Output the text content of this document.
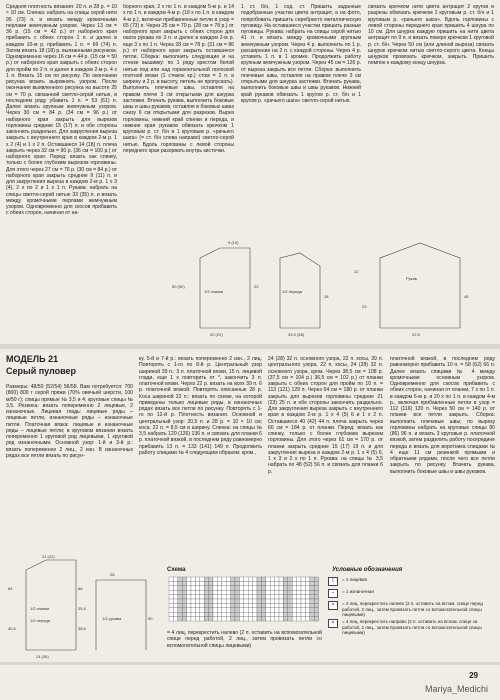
Средняя плотность вязания: 20 п. и 28 р. = 10 × 10 см. Спинка: набрать на спицы серой нити 95 (73) п. и вязать между кромочными перлами жемчужным узором. Через 13 см = 36 р. (15 см = 42 р.) от наборного края прибавить с обеих сторон 1 п. и далее в каждом 10-м р. прибавить 1 п. = 66 (74) п. Затем вязать 18 (18) р. выязанными рисунком. Одновременно через 16 см = 44 р. (15 см = 50 р.) от наборного края закрыть с обеих сторон для пройм по 2 п. и далее в каждом 2-м р. 4 х 1 п. Вязать 15 см по рисунку. По окончании рисунка вязать выровнить узором. После окончания выявленного рисунка на высоте 25 см = 70 р. связанной светло-серой нитью, в последнем ряду убавить 1 п. = 53 (61) п. Далее вязать крупным жемчужным узором. Через 30 см = 84 р. (34 см = 96 р.) от наборного края закрыть для вырезов горловины средние 15 (17) п. и обе стороны закончить раздельно. Для закругления выреза закрыть с внутреннего края в каждом 2-м р. 1 х 2 (4) и 1 х 2 п. Оставшиеся 14 (18) п. плеча закрыть через 32 см = 90 р. (36 см = 100 р.) от наборного края. Перед: вязать как спинку, только с более глубоким вырезом горловины. Для этого через 27 см = 76 р. (30 см = 84 р.) от наборного края закрыть средние 9 (11) п. и для закругления выреза в каждом 2-м р. 1 х 3 (4), 2 х по 2 и 1 х 1 п. Рукава: набрать на спицы светло-серой нитью 33 (35) п. и вязать между кромочными перлами жемчужным узором. Одновременно для скосов прибавить с обеих сторон, начиная от на-

борного края, 2 х по 1 п. в каждом 5-м р. и 14 х по 1 п. в каждом 4-м р. (19 х по 1 п. в каждом 4-м р.), включая прибавленные петли в узор = 65 (73) п. Через 25 см = 70 р. (28 см = 78 р.) от наборного края закрыть с обеих сторон для оката рукава по 3 п. и далее в каждом 2-м р. еще 3 х по 1 п. Через 28 см = 78 р. (31 см = 86 р.) от наборного края закрыть оставшиеся петли. Сборка: выполнить следующие и на стенке вышивку: по 1 ряду крестом белой нитью под или над горизонтальной полоской плотной вязки (1 стежок кр.) стом = 2 п. в ширину и 2 р. в высоту, петель не пропускать). Выполнить плечевые швы, оставляя на правом плече 3 см открытыми для шнурка застежки. Втачать рукава, выполнить боковые швы и швы рукавов, оставляя в боковых швах снизу 6 см открытыми для разрезов. Вырез горловины, нижний край спинки и переда, и нижние края рукавов обвязать крючком 1 круговым р. ст. б/н и 1 круговым р. «рачьего шага» (= ст. б/н слева направо) светло-серой нитью. Вдоль горловины с левой стороны переднего края разорвать внутрь кисточки.

1 ст. б/н, 1 сод. ст. Пришить заданные подобранные участки цвета антрацит, а на фото, попробовать пришить серебристо металлическую пуговицу. На оставшиеся участки пришить разные пуговицы. Рукава: набрать на спицы серой нитью 41 п. и вязать между кромочными крупным жемчужным узором. Через 4 р. выполнить по 1 р. расширение на 2 п. с каждой стороны. Через 4 р. уставить 1 п. в 1 кромке. Продолжить работу крупным жемчужным узором. Через 45 см = 126 р. от выреза закрыть все петли. Сборка: выполнить плечевые швы, оставляя на правом плече 3 см открытыми для шнурка застежки. Втачать рукава, выполнить боковые швы и швы рукавов. Нижний край рукавов обвязать 1 кругом р. ст. б/н и 1 кругом р. «рачьего шага» светло-серой нитью.

связать крючком нити цвета антрацит 2 кругов и разрезы обвязать крючком 1 круговым р. ст. б/н и 1 круговым р. «рачьего шага». Вдоль горловины с левой стороны переднего края пришить 4 шнура по 10 см. Для шнурка каждую пришить на нити цвета антрацит по 9 п. и вязать поверх крючком 1 круговой р. ст. б/н. Через 50 см (или длиной выреза) связать шнурок крючком нитью светло-серого цвета. Концы шнурков провязать крючком, закрыть. Пришить помпон к каждому концу шнурка.

1/2 спинки	1/2 переда
Рукав
20 (22)
9 (10)
50 (52)	22
28
12
23
33,5 (38)
45
22,5

МОДЕЛЬ 21

Серый пуловер

Размеры: 48/50 (52/54) 56/58. Вам потребуется: 700 (800) 800 г серой пряжи (70% овечьей шерсти, 100 м/50 г); спицы прямые № 3,5 и 4; круговые спицы № 3,5. Резинка: вязать попеременно 2 лицевые, 2 изнаночные. Лицевая гладь: лицевые ряды – лицевые петли, изнаночные ряды – изнаночные петли. Платочная вязка: лицевые и изнаночные ряды – лицевые петли; в круговом вязании вязать попеременно 1 круговой ряд лицевыми, 1 круговой ряд изнаночными. Основной узор: 1-й и 3-й р.: вязать попеременно 2 лиц., 2 изн. В изнаночных рядах все петли вязать по рисун-

ку. 5-й и 7-й р.: вязать попеременно 2 изн., 2 лиц. Повторять с 1-го по 8-й р. Центральный узор шириной 39 п.: 3 п. платочной вязки, 15 п. лицевой глади, еще 1 х повторить от *, закончить 3 п. платочной вязки. Через 22 р. вязать на всех 39 п. 6 р. платочной вязкой. Повторять описанные 28 р. Коса шириной 22 п.: вязать по схеме, на которой приведены только лицевые ряды, в изнаночных рядах вязать все петли по рисунку. Повторять с 1-го по 12-й р. Плотность вязания. Основной и центральный узор: 20,5 п. и 28 р. = 10 × 10 см; коса: 22 п. = 8,5 см в ширину. Спинка: на спицы № 3,5 набрать 120 (126) 136 п. и связать для планки 6 р. платочной вязкой, в последнем ряду равномерно прибавить 13 п. = 133 (141) 149 п. Продолжить работу спицами № 4 следующим образом: кром.,

24 (28) 32 п. основного узора, 22 п. косы, 39 п. центрального узора, 22 п. косы, 24 (28) 32 п. основного узора, кром. Через 38,5 см = 108 р. (37,5 см = 104 р.) 36,5 см = 102 р.) от планки закрыть с обеих сторон для пройм по 10 п. = 113 (121) 129 п. Через 64 см = 180 р. от планки закрыть для вырезов горловины средние 21 (23) 25 п. и обе стороны закончить раздельно. Для закругления выреза закрыть с внутреннего края в каждом 2-м р. 1 х 4 (5) 6 и 1 х 2 п. Оставшиеся 40 (42) 44 п. плеча закрыть через 66 см = 184 р. от планки. Перед: вязать как спинку, только с более глубоким вырезом горловины. Для этого через 61 см = 170 р. от планки закрыть средние 15 (17) 19 п. и для закругления выреза в каждом 2-м р. 1 х 4 (5) 6, 1 х 3 и 2 х по 1 п. Рукава: на спицы № 3,5 набрать по 48 (52) 56 п. и связать для планки 6 р.

платочной вязкой, в последнем ряду равномерно прибавить 10 п. = 58 (62) 66 п. Далее вязать спицами № 4 между кромочными основным узором. Одновременно для скосов прибавить с обеих сторон, начиная от планки, 7 х по 1 п. в каждом 6-м р. и 20 х по 1 п. в каждом 4-м р., включая прибавленные петли в узор = 112 (116) 120 п. Через 50 см = 140 р. от планки все петли закрыть. Сборка: выполнить плечевые швы; по вырезу горловины набрать на круговые спицы 80 (86) 96 п. и вязать 3 круговых р. платочной вязкой, затем разделить работу посередине переда и вязать для воротника спицами № 4 еще 11 см резинкой прямыми и обратными рядами, после чего все петли закрыть по рисунку. Втачать рукава, выполнить боковые швы и швы рукавов.

1/2 спинки
1/2 переда	1/2 рукава
21 (22)
64	66
25,5
38,5
40,5
28
50
24 (26)
Схема

= 4 лиц, перекрестить налево (2 п. оставить на вспомогательной спице перед работой, 2 лиц., затем провязать петли со вспомогательной спицы лицевыми)

Условные обозначения
I	= 1 лицевая
–	= 1 изнаночная
×	= 4 лиц, перекрестить налево (2 п. оставить на вспом. спице перед работой, 2 лиц., затем провязать петли со вспомогательной спицы лицевыми)
×	= 4 лиц, перекрестить направо (2 п. оставить на вспом. спице за работой, 2 лиц., затем провязать петли со вспомогательной спицы лицевыми)
29
Mariya_Medichi
